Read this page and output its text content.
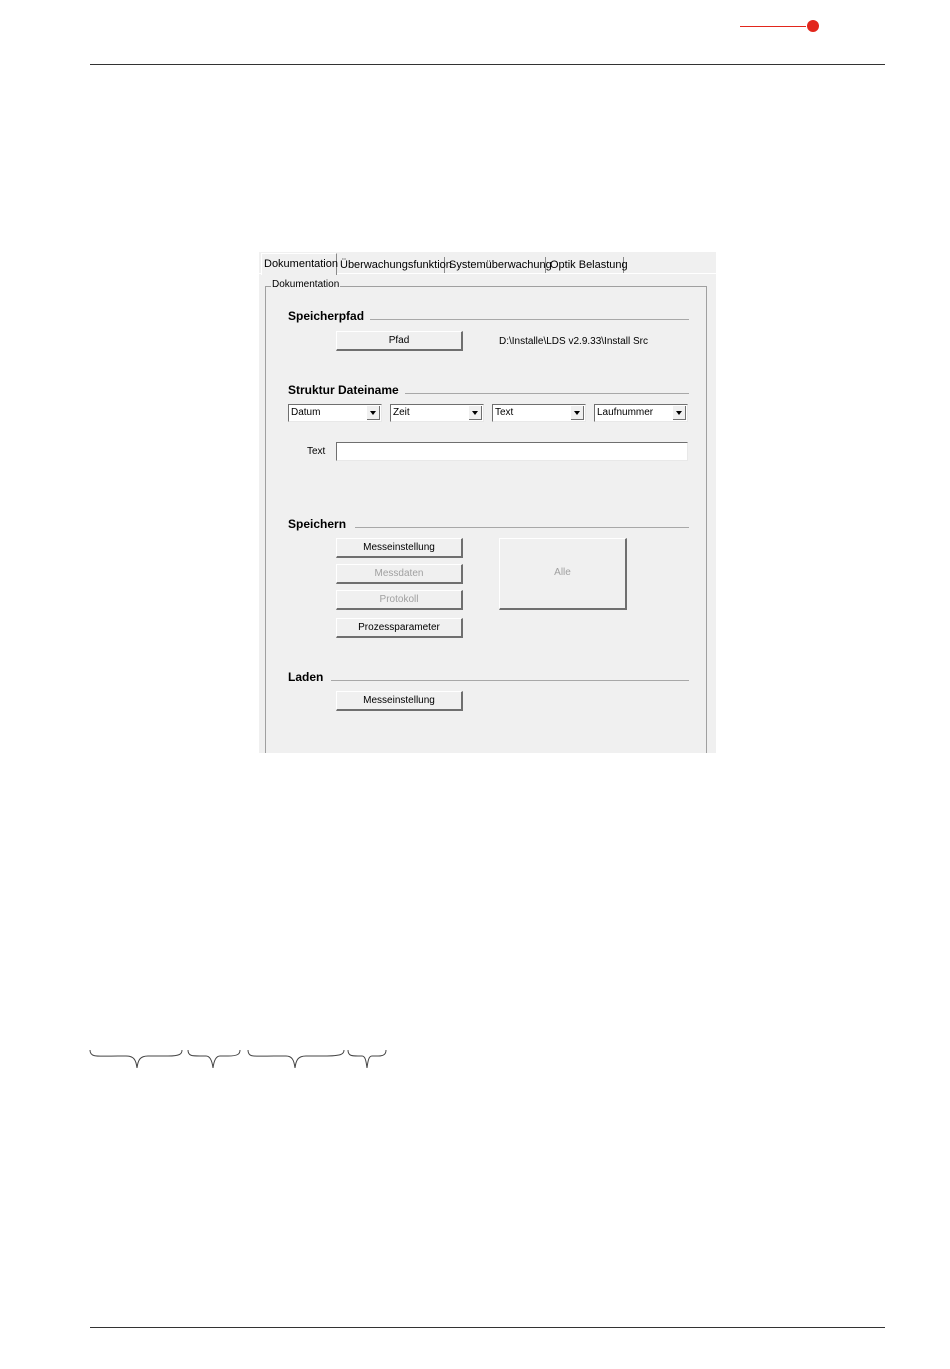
Dokumentation Überwachungsfunktion
Systemüberwachung
Optik Belastung
Dokumentation
Speicherpfad
Pfad	D:\Installe\LDS v2.9.33\Install Src
Struktur Dateiname
Datum	Zeit	Text	Laufnummer
Text
Speichern
Messeinstellung
Messdaten
Protokoll
Prozessparameter
Alle
Laden
Messeinstellung
